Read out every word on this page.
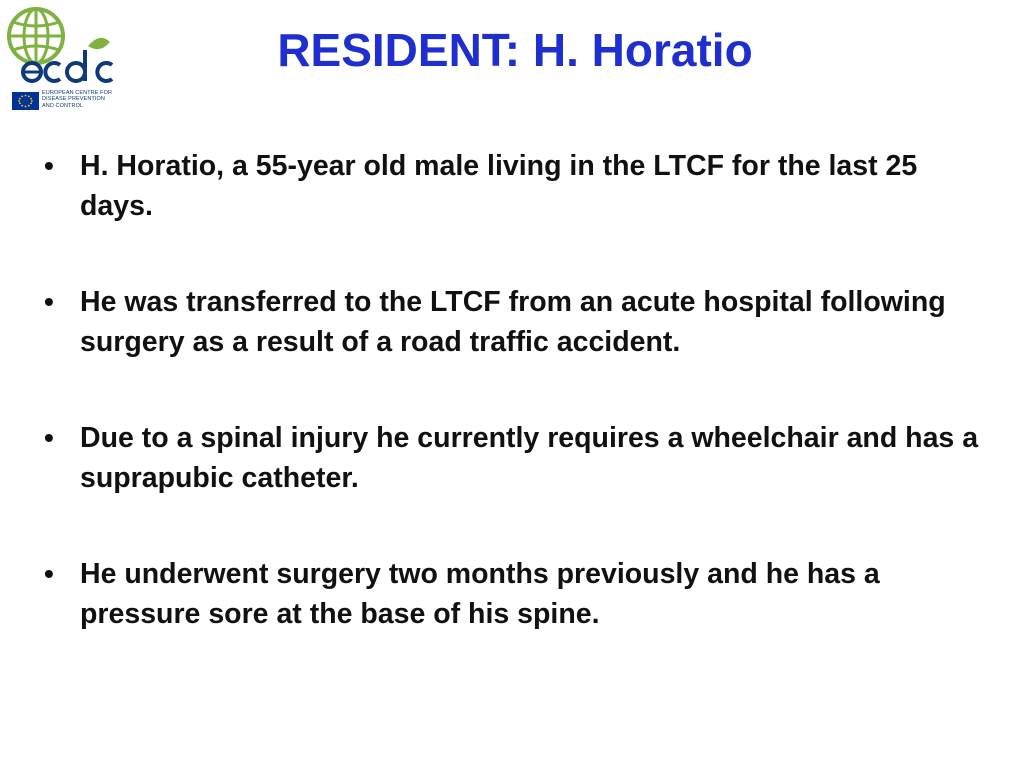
EUROPEAN CENTRE FOR
DISEASE PREVENTION
AND CONTROL
RESIDENT: H. Horatio
• H. Horatio, a 55-year old male living in the LTCF for the last 25 days.
• He was transferred to the LTCF from an acute hospital following surgery as a result of a road traffic accident.
• Due to a spinal injury he currently requires a wheelchair and has a suprapubic catheter.
• He underwent surgery two months previously and he has a pressure sore at the base of his spine.
